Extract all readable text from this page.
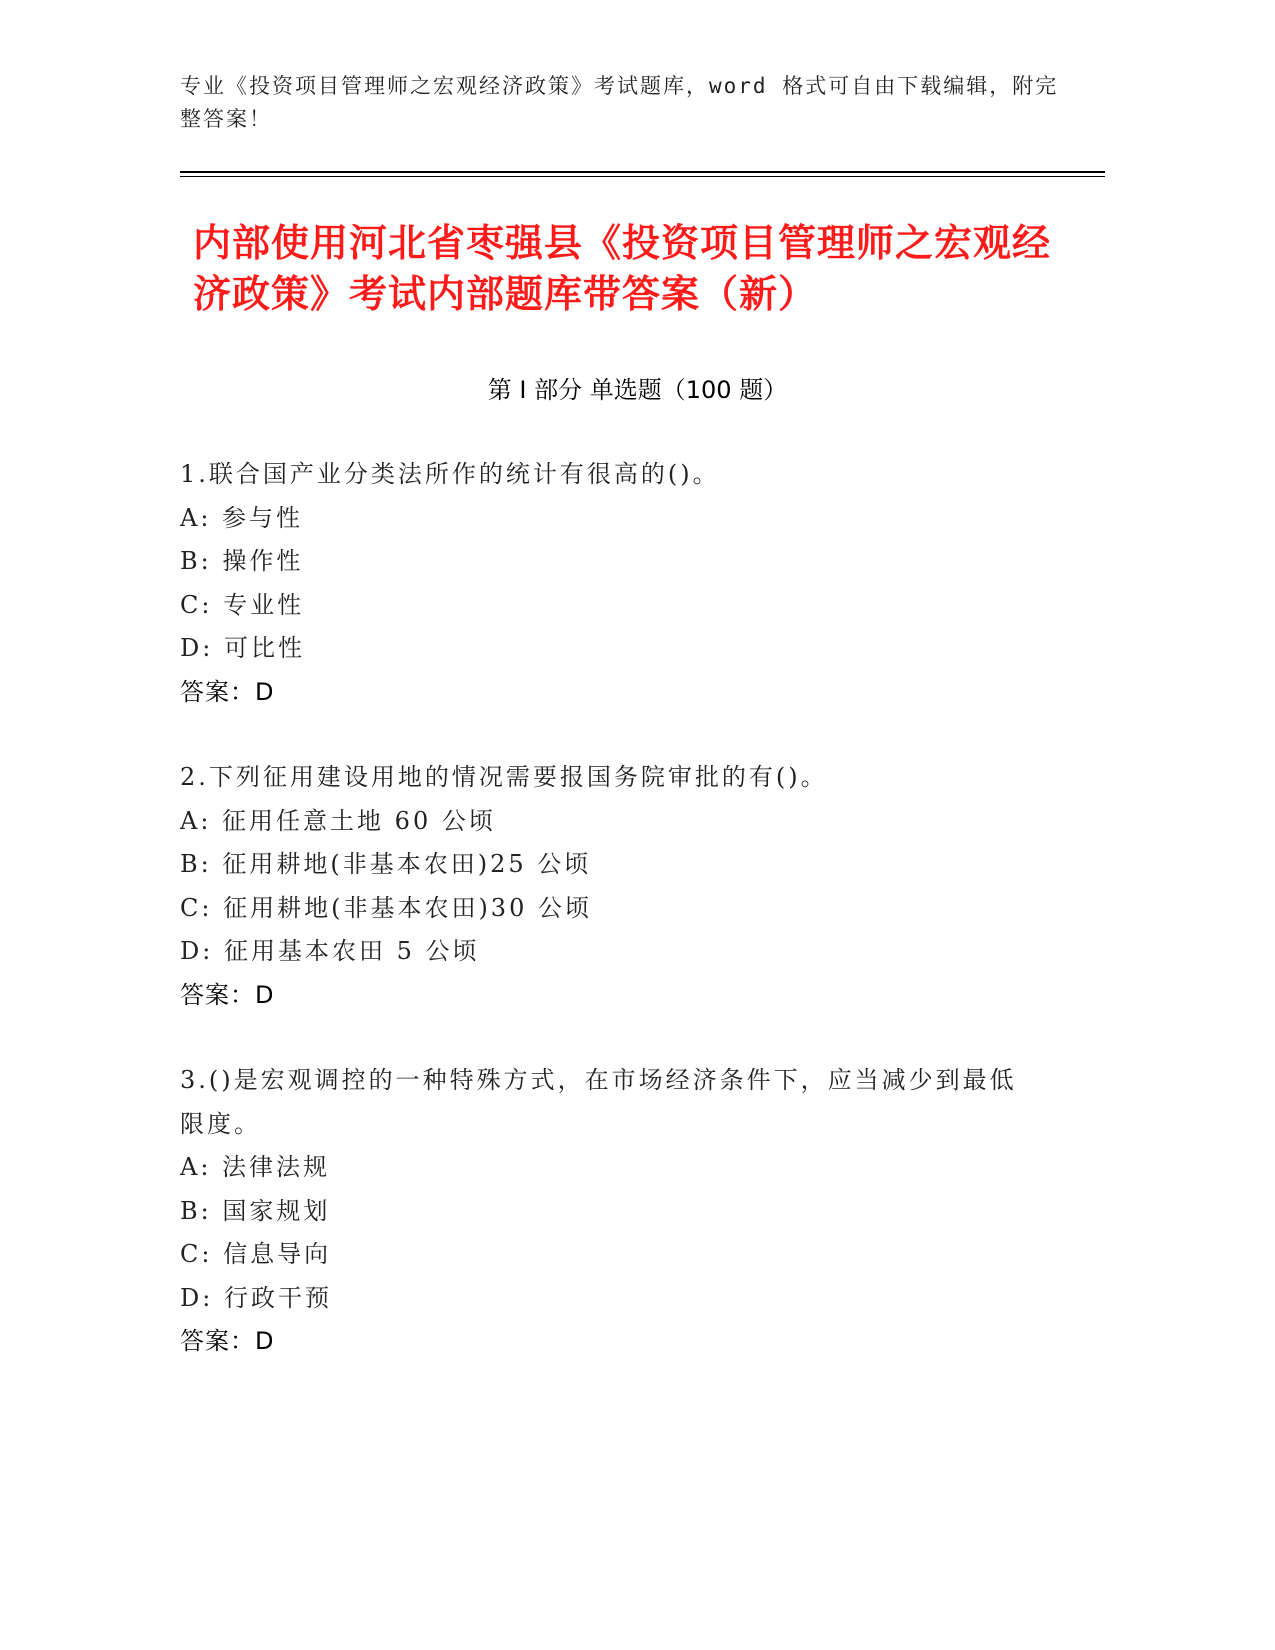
专业《投资项目管理师之宏观经济政策》考试题库，word 格式可自由下载编辑，附完整答案！
内部使用河北省枣强县《投资项目管理师之宏观经济政策》考试内部题库带答案（新）
第 I 部分 单选题（100 题）
1.联合国产业分类法所作的统计有很高的()。
A: 参与性
B: 操作性
C: 专业性
D: 可比性
答案：D
2.下列征用建设用地的情况需要报国务院审批的有()。
A: 征用任意土地 60 公顷
B: 征用耕地(非基本农田)25 公顷
C: 征用耕地(非基本农田)30 公顷
D: 征用基本农田 5 公顷
答案：D
3.()是宏观调控的一种特殊方式，在市场经济条件下，应当减少到最低限度。
A: 法律法规
B: 国家规划
C: 信息导向
D: 行政干预
答案：D
